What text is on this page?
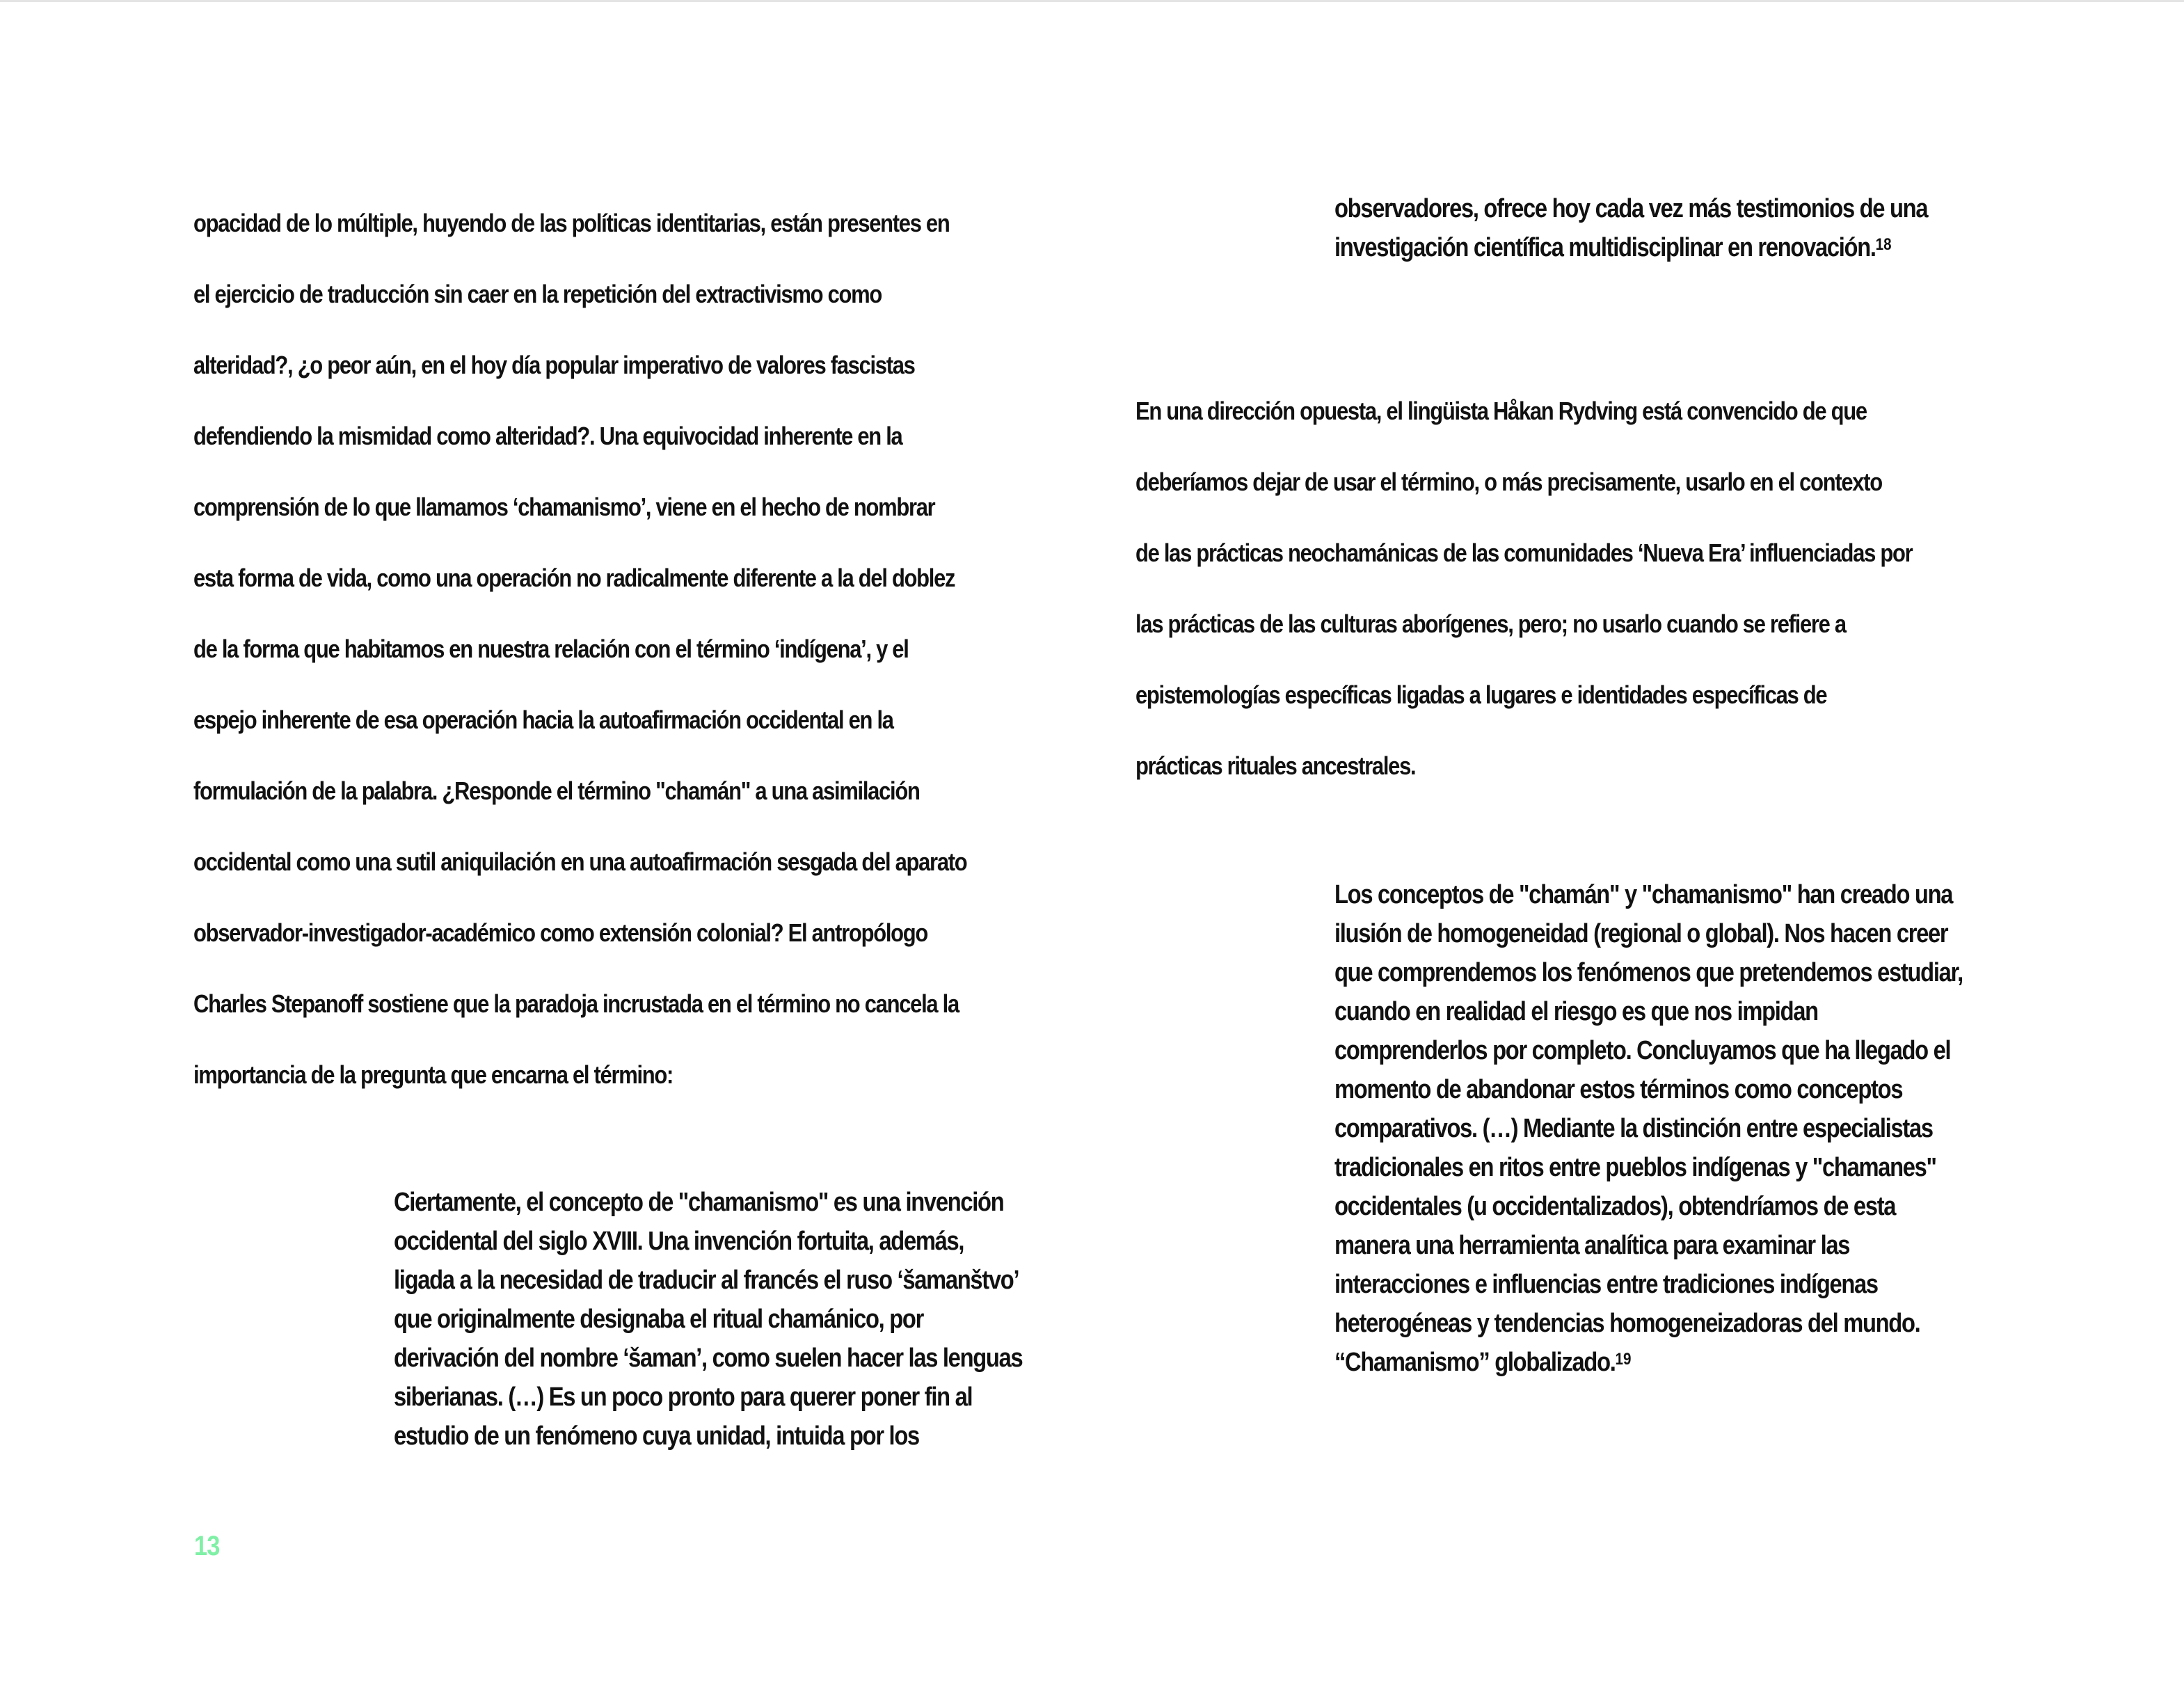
opacidad de lo múltiple, huyendo de las políticas identitarias, están presentes en
el ejercicio de traducción sin caer en la repetición del extractivismo como
alteridad?, ¿o peor aún, en el hoy día popular imperativo de valores fascistas
defendiendo la mismidad como alteridad?. Una equivocidad inherente en la
comprensión de lo que llamamos ‘chamanismo’, viene en el hecho de nombrar
esta forma de vida, como una operación no radicalmente diferente a la del doblez
de la forma que habitamos en nuestra relación con el término ‘indígena’, y el
espejo inherente de esa operación hacia la autoafirmación occidental en la
formulación de la palabra. ¿Responde el término "chamán" a una asimilación
occidental como una sutil aniquilación en una autoafirmación sesgada del aparato
observador-investigador-académico como extensión colonial? El antropólogo
Charles Stepanoff sostiene que la paradoja incrustada en el término no cancela la
importancia de la pregunta que encarna el término:
Ciertamente, el concepto de "chamanismo" es una invención
occidental del siglo XVIII. Una invención fortuita, además,
ligada a la necesidad de traducir al francés el ruso ‘šamanštvo’
que originalmente designaba el ritual chamánico, por
derivación del nombre ‘šaman’, como suelen hacer las lenguas
siberianas. (…) Es un poco pronto para querer poner fin al
estudio de un fenómeno cuya unidad, intuida por los
13
observadores, ofrece hoy cada vez más testimonios de una
investigación científica multidisciplinar en renovación.$^{18}$
En una dirección opuesta, el lingüista Håkan Rydving está convencido de que
deberíamos dejar de usar el término, o más precisamente, usarlo en el contexto
de las prácticas neochamánicas de las comunidades ‘Nueva Era’ influenciadas por
las prácticas de las culturas aborígenes, pero; no usarlo cuando se refiere a
epistemologías específicas ligadas a lugares e identidades específicas de
prácticas rituales ancestrales.
Los conceptos de "chamán" y "chamanismo" han creado una
ilusión de homogeneidad (regional o global). Nos hacen creer
que comprendemos los fenómenos que pretendemos estudiar,
cuando en realidad el riesgo es que nos impidan
comprenderlos por completo. Concluyamos que ha llegado el
momento de abandonar estos términos como conceptos
comparativos. (…) Mediante la distinción entre especialistas
tradicionales en ritos entre pueblos indígenas y "chamanes"
occidentales (u occidentalizados), obtendríamos de esta
manera una herramienta analítica para examinar las
interacciones e influencias entre tradiciones indígenas
heterogéneas y tendencias homogeneizadoras del mundo.
“Chamanismo” globalizado.$^{19}$
